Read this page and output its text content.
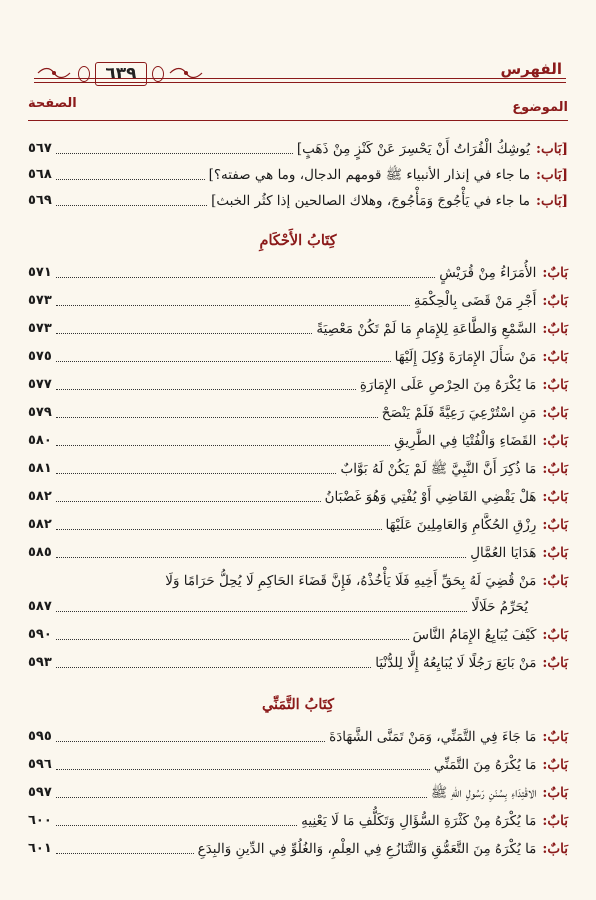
٦٣٩	الفهرس
الصفحة	الموضوع
[بَاب:
يُوشِكُ الْفُرَاتُ أَنْ يَحْسِرَ عَنْ كَنْزٍ مِنْ ذَهَبٍ]
٥٦٧
[بَاب:
ما جاء في إنذار الأنبياء ﷺ قومهم الدجال، وما هي صفته؟]
٥٦٨
[بَاب:
ما جاء في يَأْجُوجَ وَمَأْجُوجَ، وهلاك الصالحين إذا كثُر الخبث]
٥٦٩
كِتَابُ الأَحْكَامِ
بَابٌ:
الأُمَرَاءُ مِنْ قُرَيْشٍ
٥٧١
بَابٌ:
أَجْرِ مَنْ قَضَى بِالْحِكْمَةِ
٥٧٣
بَابٌ:
السَّمْعِ وَالطَّاعَةِ لِلإِمَامِ مَا لَمْ تَكُنْ مَعْصِيَةً
٥٧٣
بَابٌ:
مَنْ سَأَلَ الإِمَارَةَ وُكِلَ إِلَيْهَا
٥٧٥
بَابٌ:
مَا يُكْرَهُ مِنَ الحِرْصِ عَلَى الإِمَارَةِ
٥٧٧
بَابٌ:
مَنِ اسْتُرْعِيَ رَعِيَّةً فَلَمْ يَنْصَحْ
٥٧٩
بَابٌ:
القَضَاءِ وَالْفُتْيَا فِي الطَّرِيقِ
٥٨٠
بَابٌ:
مَا ذُكِرَ أَنَّ النَّبِيَّ ﷺ لَمْ يَكُنْ لَهُ بَوَّابٌ
٥٨١
بَابٌ:
هَلْ يَقْضِي القَاضِي أَوْ يُفْتِي وَهُوَ غَضْبَانُ
٥٨٢
بَابٌ:
رِزْقِ الحُكَّامِ وَالعَامِلِينَ عَلَيْهَا
٥٨٢
بَابٌ:
هَدَايَا العُمَّالِ
٥٨٥
بَابٌ:
مَنْ قُضِيَ لَهُ بِحَقِّ أَخِيهِ فَلَا يَأْخُذْهُ، فَإِنَّ قَضَاءَ الحَاكِمِ لَا يُحِلُّ حَرَامًا وَلَا
يُحَرِّمُ حَلَالًا
٥٨٧
بَابٌ:
كَيْفَ يُبَايِعُ الإِمَامُ النَّاسَ
٥٩٠
بَابٌ:
مَنْ بَايَعَ رَجُلًا لَا يُبَايِعُهُ إِلَّا لِلدُّنْيَا
٥٩٣
كِتَابُ التَّمَنِّي
بَابٌ:
مَا جَاءَ فِي التَّمَنِّي، وَمَنْ تَمَنَّى الشَّهَادَةَ
٥٩٥
بَابٌ:
مَا يُكْرَهُ مِنَ التَّمَنِّي
٥٩٦
بَابٌ:
الاقْتِدَاءِ بِسُنَنِ رَسُولِ اللهِ ﷺ
٥٩٧
بَابٌ:
مَا يُكْرَهُ مِنْ كَثْرَةِ السُّؤَالِ وَتَكَلُّفِ مَا لَا يَعْنِيهِ
٦٠٠
بَابٌ:
مَا يُكْرَهُ مِنَ التَّعَمُّقِ وَالتَّنَازُعِ فِي العِلْمِ، وَالغُلُوِّ فِي الدِّينِ وَالبِدَعِ
٦٠١
